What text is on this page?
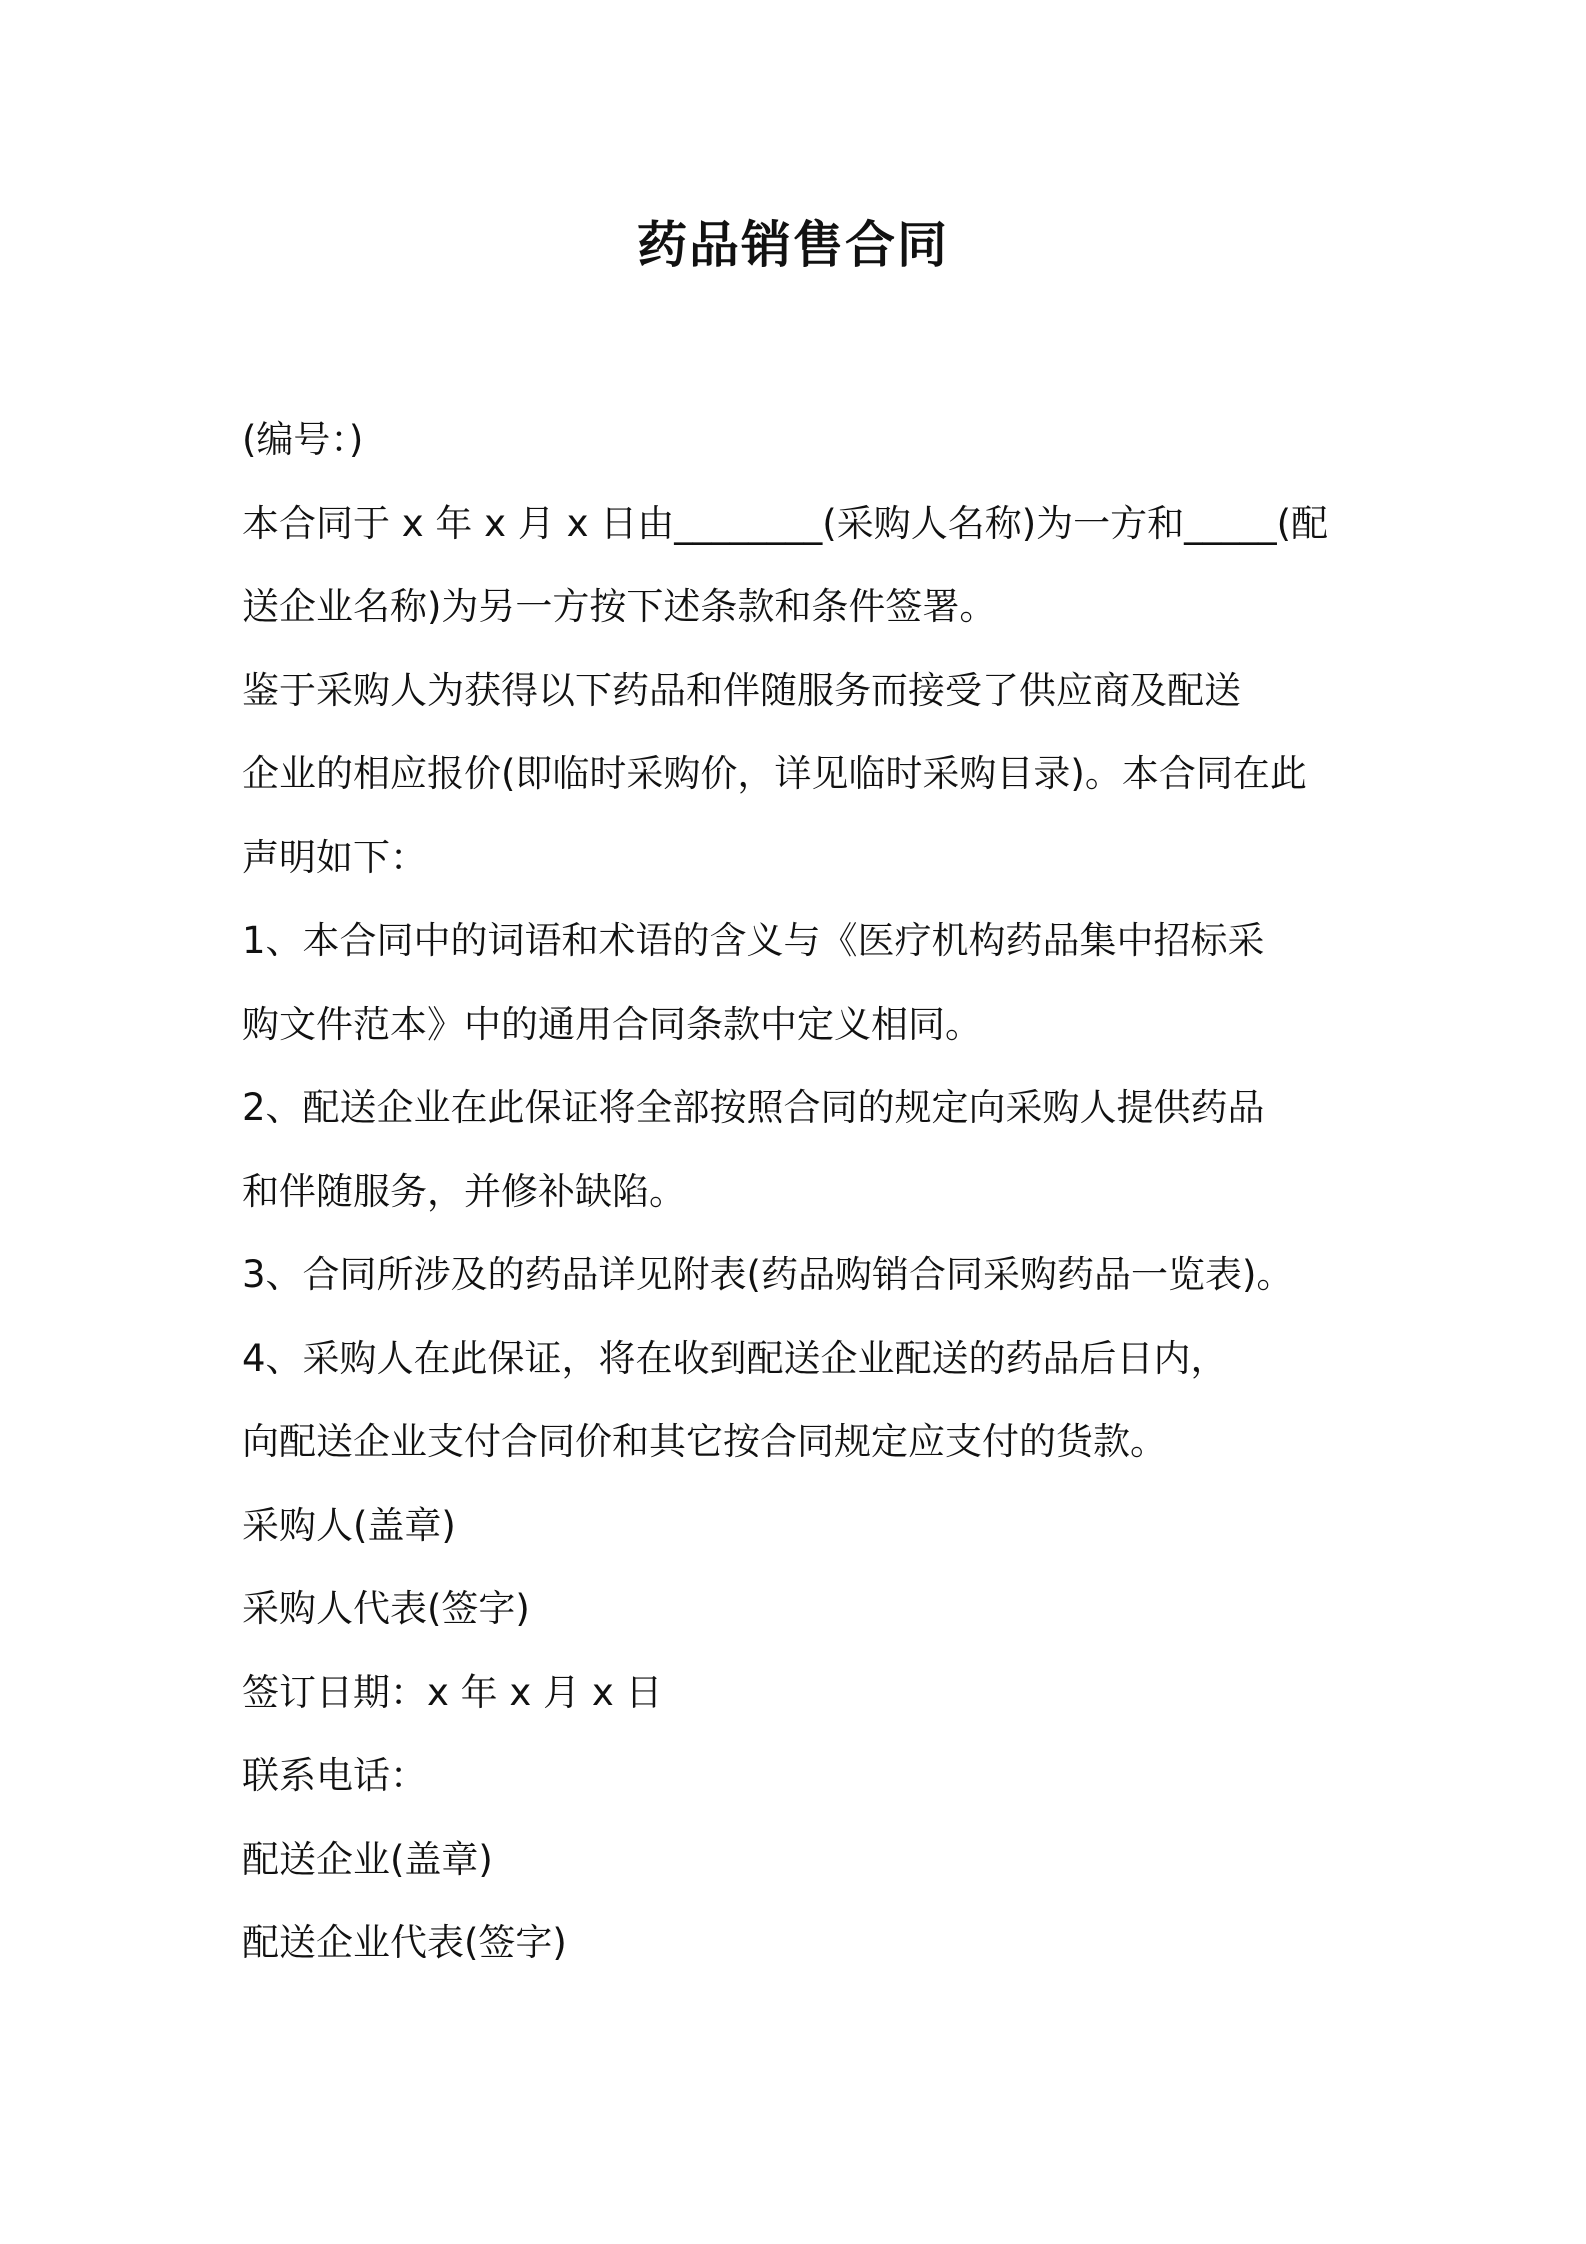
药品销售合同
(编号：)
本合同于 x 年 x 月 x 日由________(采购人名称)为一方和_____(配
送企业名称)为另一方按下述条款和条件签署。
鉴于采购人为获得以下药品和伴随服务而接受了供应商及配送
企业的相应报价(即临时采购价，详见临时采购目录)。本合同在此
声明如下：
1、本合同中的词语和术语的含义与《医疗机构药品集中招标采
购文件范本》中的通用合同条款中定义相同。
2、配送企业在此保证将全部按照合同的规定向采购人提供药品
和伴随服务，并修补缺陷。
3、合同所涉及的药品详见附表(药品购销合同采购药品一览表)。
4、采购人在此保证，将在收到配送企业配送的药品后日内，
向配送企业支付合同价和其它按合同规定应支付的货款。
采购人(盖章)
采购人代表(签字)
签订日期：x 年 x 月 x 日
联系电话：
配送企业(盖章)
配送企业代表(签字)
